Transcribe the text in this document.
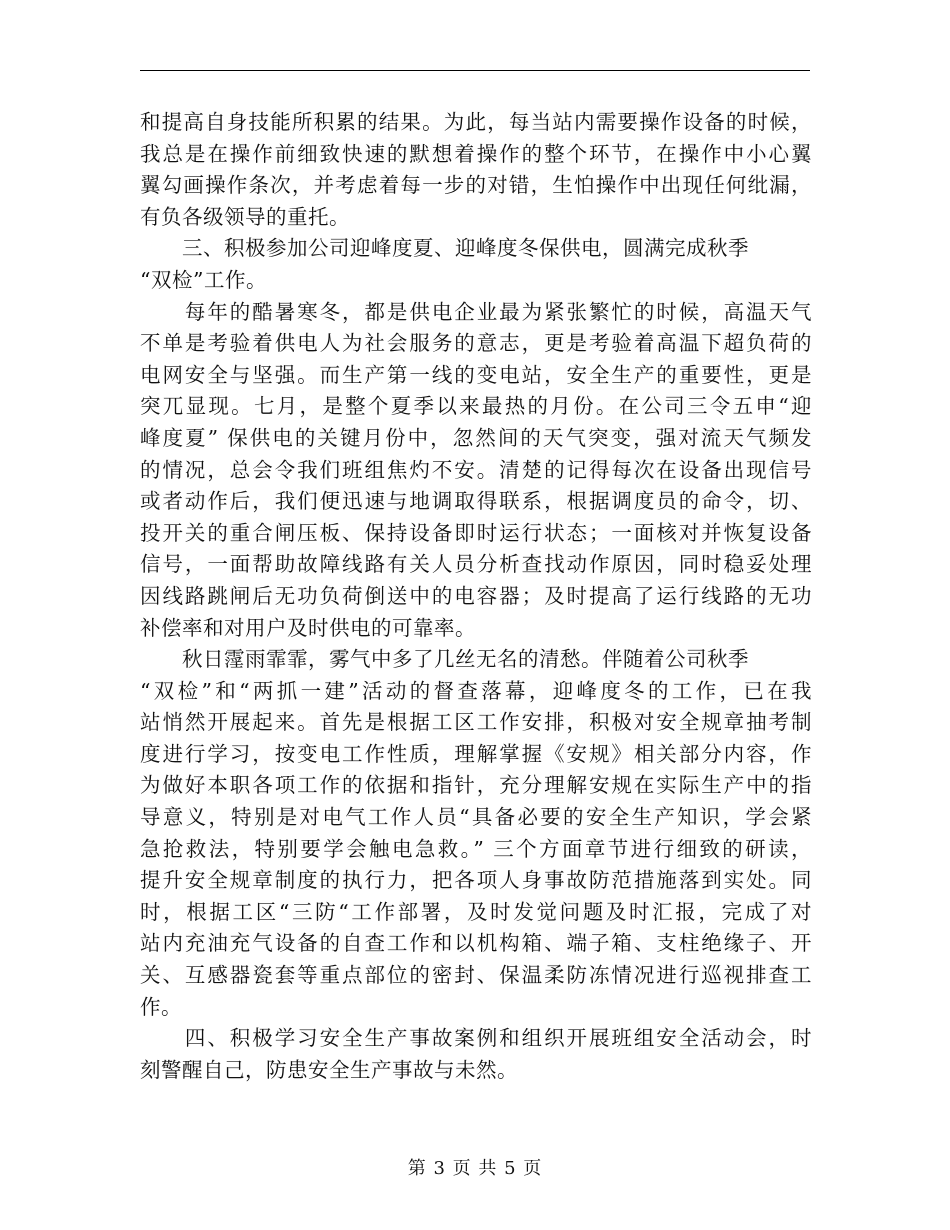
和提高自身技能所积累的结果。为此，每当站内需要操作设备的时候，
我总是在操作前细致快速的默想着操作的整个环节，在操作中小心翼
翼勾画操作条次，并考虑着每一步的对错，生怕操作中出现任何纰漏，
有负各级领导的重托。
　　三、积极参加公司迎峰度夏、迎峰度冬保供电，圆满完成秋季
“双检”工作。
　　每年的酷暑寒冬，都是供电企业最为紧张繁忙的时候，高温天气
不单是考验着供电人为社会服务的意志，更是考验着高温下超负荷的
电网安全与坚强。而生产第一线的变电站，安全生产的重要性，更是
突兀显现。七月，是整个夏季以来最热的月份。在公司三令五申“迎
峰度夏” 保供电的关键月份中，忽然间的天气突变，强对流天气频发
的情况，总会令我们班组焦灼不安。清楚的记得每次在设备出现信号
或者动作后，我们便迅速与地调取得联系，根据调度员的命令，切、
投开关的重合闸压板、保持设备即时运行状态；一面核对并恢复设备
信号，一面帮助故障线路有关人员分析查找动作原因，同时稳妥处理
因线路跳闸后无功负荷倒送中的电容器；及时提高了运行线路的无功
补偿率和对用户及时供电的可靠率。
　　秋日霪雨霏霏，雾气中多了几丝无名的清愁。伴随着公司秋季
“双检”和“两抓一建”活动的督查落幕，迎峰度冬的工作，已在我
站悄然开展起来。首先是根据工区工作安排，积极对安全规章抽考制
度进行学习，按变电工作性质，理解掌握《安规》相关部分内容，作
为做好本职各项工作的依据和指针，充分理解安规在实际生产中的指
导意义，特别是对电气工作人员“具备必要的安全生产知识，学会紧
急抢救法，特别要学会触电急救。” 三个方面章节进行细致的研读，
提升安全规章制度的执行力，把各项人身事故防范措施落到实处。同
时，根据工区“三防“工作部署，及时发觉问题及时汇报，完成了对
站内充油充气设备的自查工作和以机构箱、端子箱、支柱绝缘子、开
关、互感器瓷套等重点部位的密封、保温柔防冻情况进行巡视排查工
作。
　　四、积极学习安全生产事故案例和组织开展班组安全活动会，时
刻警醒自己，防患安全生产事故与未然。
第 3 页 共 5 页
